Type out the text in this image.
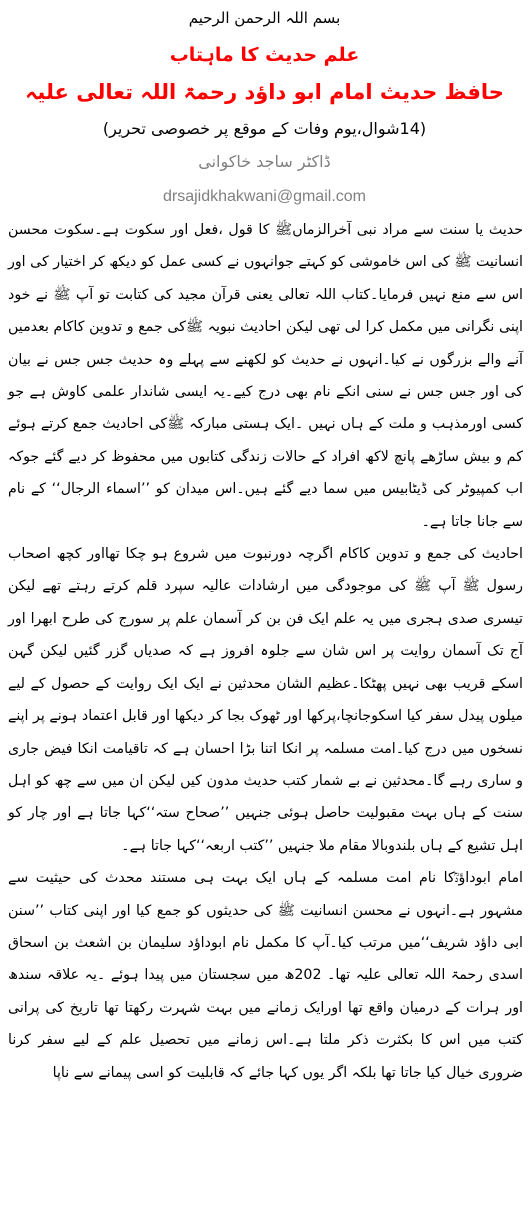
بسم اللہ الرحمن الرحیم
علم حدیث کا ماہتاب
حافظ حدیث امام ابو داؤد رحمۃ اللہ تعالی علیہ
(14شوال،یوم وفات کے موقع پر خصوصی تحریر)
ڈاکٹر ساجد خاکوانی
drsajidkhakwani@gmail.com

حدیث یا سنت سے مراد نبی آخرالزماںﷺ کا قول ،فعل اور سکوت ہے۔سکوت محسن انسانیت ﷺ کی اس خاموشی کو کہتے جوانہوں نے کسی عمل کو دیکھ کر اختیار کی اور اس سے منع نہیں فرمایا۔کتاب اللہ تعالی یعنی قرآن مجید کی کتابت تو آپ ﷺ نے خود اپنی نگرانی میں مکمل کرا لی تھی لیکن احادیث نبویہ ﷺکی جمع و تدوین کاکام بعدمیں آنے والے بزرگوں نے کیا۔انہوں نے حدیث کو لکھنے سے پہلے وہ حدیث جس جس نے بیان کی اور جس جس نے سنی انکے نام بھی درج کیے۔یہ ایسی شاندار علمی کاوش ہے جو کسی اورمذہب و ملت کے ہاں نہیں ۔ایک ہستی مبارکہ ﷺکی احادیث جمع کرتے ہوئے کم و بیش ساڑھے پانچ لاکھ افراد کے حالات زندگی کتابوں میں محفوظ کر دیے گئے جوکہ اب کمپیوٹر کی ڈیٹابیس میں سما دیے گئے ہیں۔اس میدان کو ’’اسماء الرجال‘‘ کے نام سے جانا جاتا ہے۔

احادیث کی جمع و تدوین کاکام اگرچہ دورنبوت میں شروع ہو چکا تھااور کچھ اصحاب رسول ﷺ آپ ﷺ کی موجودگی میں ارشادات عالیہ سپرد قلم کرتے رہتے تھے لیکن تیسری صدی ہجری میں یہ علم ایک فن بن کر آسمان علم پر سورج کی طرح ابھرا اور آج تک آسمان روایت پر اس شان سے جلوہ افروز ہے کہ صدیاں گزر گئیں لیکن گہن اسکے قریب بھی نہیں پھٹکا۔عظیم الشان محدثین نے ایک ایک روایت کے حصول کے لیے میلوں پیدل سفر کیا اسکوجانچا،پرکھا اور ٹھوک بجا کر دیکھا اور قابل اعتماد ہونے پر اپنے نسخوں میں درج کیا۔امت مسلمہ پر انکا اتنا بڑا احسان ہے کہ تاقیامت انکا فیض جاری و ساری رہے گا۔محدثین نے بے شمار کتب حدیث مدون کیں لیکن ان میں سے چھ کو اہل سنت کے ہاں بہت مقبولیت حاصل ہوئی جنہیں ’’صحاح ستہ‘‘کہا جاتا ہے اور چار کو اہل تشیع کے ہاں بلندوبالا مقام ملا جنہیں ’’کتب اربعہ‘‘کہا جاتا ہے۔

امام ابوداؤدؒکا نام امت مسلمہ کے ہاں ایک بہت ہی مستند محدث کی حیثیت سے مشہور ہے۔انہوں نے محسن انسانیت ﷺ کی حدیثوں کو جمع کیا اور اپنی کتاب ’’سنن ابی داؤد شریف‘‘میں مرتب کیا۔آپ کا مکمل نام ابوداؤد سلیمان بن اشعث بن اسحاق اسدی رحمۃ اللہ تعالی علیہ تھا۔ 202ھ میں سجستان میں پیدا ہوئے ۔یہ علاقہ سندھ اور ہرات کے درمیان واقع تھا اورایک زمانے میں بہت شہرت رکھتا تھا تاریخ کی پرانی کتب میں اس کا بکثرت ذکر ملتا ہے۔اس زمانے میں تحصیل علم کے لیے سفر کرنا ضروری خیال کیا جاتا تھا بلکہ اگر یوں کہا جائے کہ قابلیت کو اسی پیمانے سے ناپا
